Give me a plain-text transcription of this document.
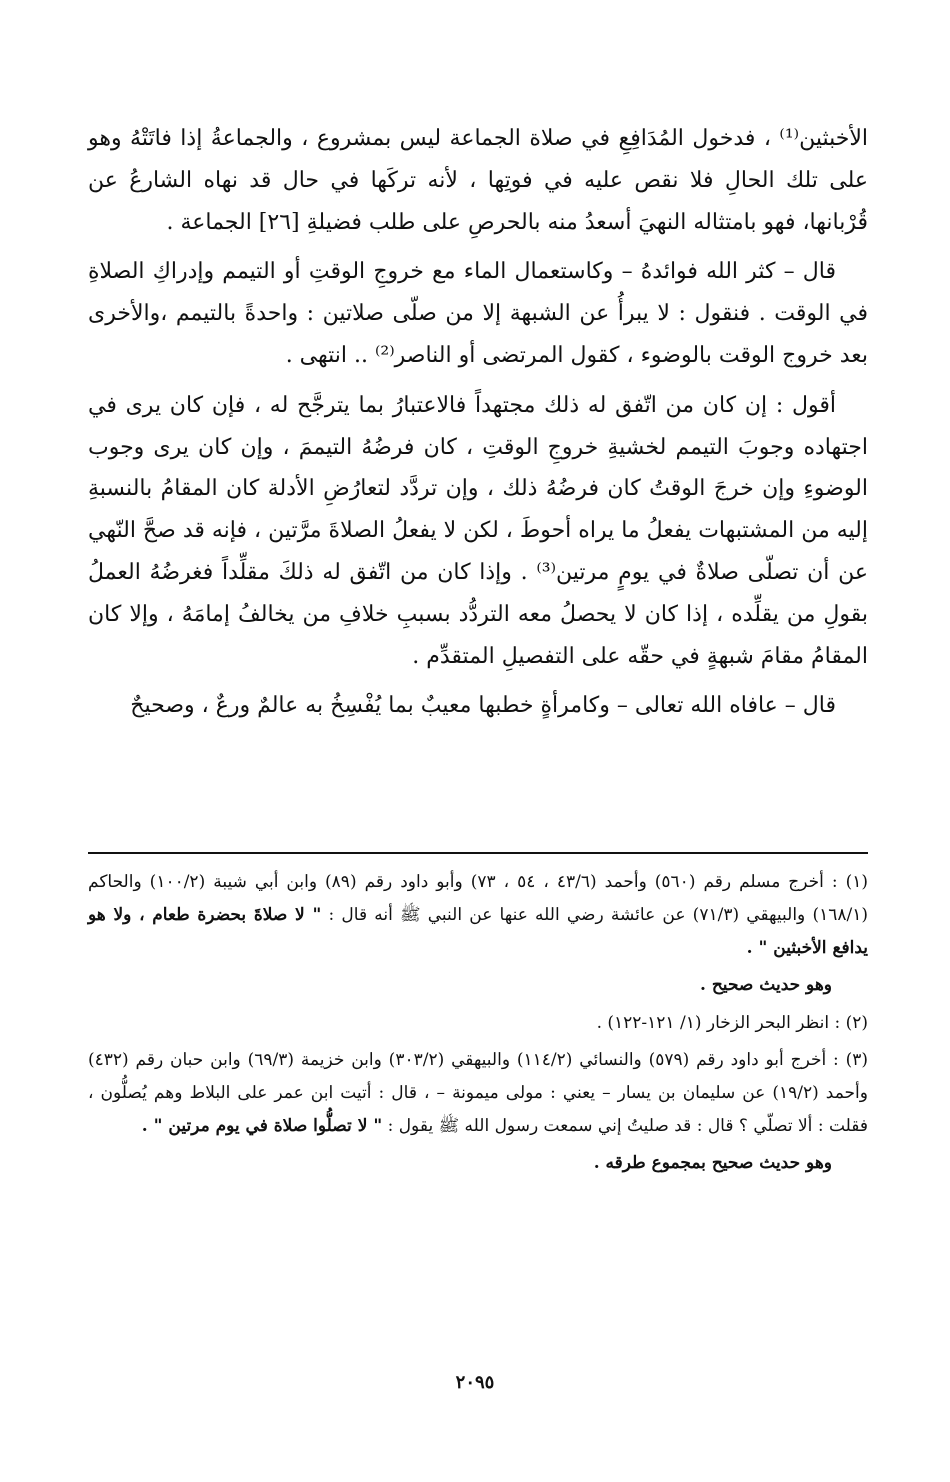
الأخبثين⁽¹⁾ ، فدخول المُدَافِعِ في صلاة الجماعة ليس بمشروع ، والجماعةُ إذا فاتَتْهُ وهو على تلك الحالِ فلا نقص عليه في فوتِها ، لأنه تركَها في حال قد نهاه الشارعُ عن قُرْبانها، فهو بامتثاله النهيَ أسعدُ منه بالحرصِ على طلب فضيلةِ [٢٦] الجماعة .

قال – كثر الله فوائدهُ – وكاستعمال الماء مع خروجِ الوقتِ أو التيمم وإدراكِ الصلاةِ في الوقت . فنقول : لا يبرأُ عن الشبهة إلا من صلّى صلاتين : واحدةً بالتيمم ،والأخرى بعد خروج الوقت بالوضوء ، كقول المرتضى أو الناصر⁽²⁾ .. انتهى .

أقول : إن كان من اتّفق له ذلك مجتهداً فالاعتبارُ بما يترجَّح له ، فإن كان يرى في اجتهاده وجوبَ التيمم لخشيةِ خروجِ الوقتِ ، كان فرضُهُ التيممَ ، وإن كان يرى وجوب الوضوءِ وإن خرجَ الوقتُ كان فرضُهُ ذلك ، وإن تردَّد لتعارُضِ الأدلة كان المقامُ بالنسبةِ إليه من المشتبهات يفعلُ ما يراه أحوطَ ، لكن لا يفعلُ الصلاةَ مرَّتين ، فإنه قد صحَّ النّهي عن أن تصلّى صلاةٌ في يومٍ مرتين⁽³⁾ . وإذا كان من اتّفق له ذلكَ مقلِّداً فغرضُهُ العملُ بقولِ من يقلِّده ، إذا كان لا يحصلُ معه التردُّد بسببِ خلافِ من يخالفُ إمامَهُ ، وإلا كان المقامُ مقامَ شبهةٍ في حقّه على التفصيلِ المتقدِّم .

قال – عافاه الله تعالى – وكامرأةٍ خطبها معيبٌ بما يُفْسِخُ به عالمٌ ورعٌ ، وصحيحٌ

(١) : أخرج مسلم رقم (٥٦٠) وأحمد (٤٣/٦ ، ٥٤ ، ٧٣) وأبو داود رقم (٨٩) وابن أبي شيبة (١٠٠/٢) والحاكم (١٦٨/١) والبيهقي (٧١/٣) عن عائشة رضي الله عنها عن النبي ﷺ أنه قال : " لا صلاةَ بحضرة طعام ، ولا هو يدافع الأخبثين " .

وهو حديث صحيح .

(٢) : انظر البحر الزخار (١/ ١٢١-١٢٢) .

(٣) : أخرج أبو داود رقم (٥٧٩) والنسائي (١١٤/٢) والبيهقي (٣٠٣/٢) وابن خزيمة (٦٩/٣) وابن حبان رقم (٤٣٢) وأحمد (١٩/٢) عن سليمان بن يسار – يعني : مولى ميمونة – ، قال : أتيت ابن عمر على البلاط وهم يُصلُّون ، فقلت : ألا تصلّي ؟ قال : قد صليتُ إني سمعت رسول الله ﷺ يقول : " لا تصلُّوا صلاة في يوم مرتين " .

وهو حديث صحيح بمجموع طرقه .

٢٠٩٥
